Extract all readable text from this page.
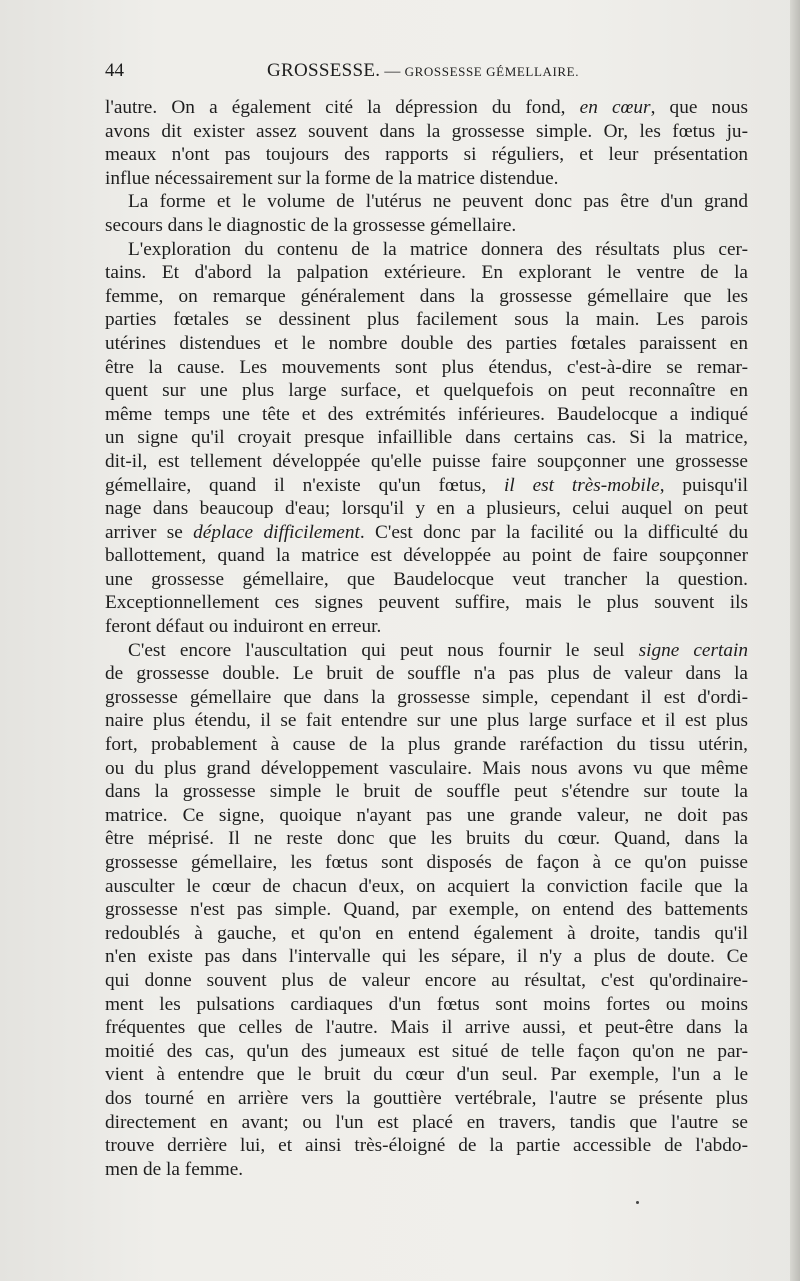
44	GROSSESSE. — GROSSESSE GÉMELLAIRE.
l'autre. On a également cité la dépression du fond, en cœur, que nous
avons dit exister assez souvent dans la grossesse simple. Or, les fœtus ju-
meaux n'ont pas toujours des rapports si réguliers, et leur présentation
influe nécessairement sur la forme de la matrice distendue.
La forme et le volume de l'utérus ne peuvent donc pas être d'un grand
secours dans le diagnostic de la grossesse gémellaire.
L'exploration du contenu de la matrice donnera des résultats plus cer-
tains. Et d'abord la palpation extérieure. En explorant le ventre de la
femme, on remarque généralement dans la grossesse gémellaire que les
parties fœtales se dessinent plus facilement sous la main. Les parois
utérines distendues et le nombre double des parties fœtales paraissent en
être la cause. Les mouvements sont plus étendus, c'est-à-dire se remar-
quent sur une plus large surface, et quelquefois on peut reconnaître en
même temps une tête et des extrémités inférieures. Baudelocque a indiqué
un signe qu'il croyait presque infaillible dans certains cas. Si la matrice,
dit-il, est tellement développée qu'elle puisse faire soupçonner une grossesse
gémellaire, quand il n'existe qu'un fœtus, il est très-mobile, puisqu'il
nage dans beaucoup d'eau; lorsqu'il y en a plusieurs, celui auquel on peut
arriver se déplace difficilement. C'est donc par la facilité ou la difficulté du
ballottement, quand la matrice est développée au point de faire soupçonner
une grossesse gémellaire, que Baudelocque veut trancher la question.
Exceptionnellement ces signes peuvent suffire, mais le plus souvent ils
feront défaut ou induiront en erreur.
C'est encore l'auscultation qui peut nous fournir le seul signe certain
de grossesse double. Le bruit de souffle n'a pas plus de valeur dans la
grossesse gémellaire que dans la grossesse simple, cependant il est d'ordi-
naire plus étendu, il se fait entendre sur une plus large surface et il est plus
fort, probablement à cause de la plus grande raréfaction du tissu utérin,
ou du plus grand développement vasculaire. Mais nous avons vu que même
dans la grossesse simple le bruit de souffle peut s'étendre sur toute la
matrice. Ce signe, quoique n'ayant pas une grande valeur, ne doit pas
être méprisé. Il ne reste donc que les bruits du cœur. Quand, dans la
grossesse gémellaire, les fœtus sont disposés de façon à ce qu'on puisse
ausculter le cœur de chacun d'eux, on acquiert la conviction facile que la
grossesse n'est pas simple. Quand, par exemple, on entend des battements
redoublés à gauche, et qu'on en entend également à droite, tandis qu'il
n'en existe pas dans l'intervalle qui les sépare, il n'y a plus de doute. Ce
qui donne souvent plus de valeur encore au résultat, c'est qu'ordinaire-
ment les pulsations cardiaques d'un fœtus sont moins fortes ou moins
fréquentes que celles de l'autre. Mais il arrive aussi, et peut-être dans la
moitié des cas, qu'un des jumeaux est situé de telle façon qu'on ne par-
vient à entendre que le bruit du cœur d'un seul. Par exemple, l'un a le
dos tourné en arrière vers la gouttière vertébrale, l'autre se présente plus
directement en avant; ou l'un est placé en travers, tandis que l'autre se
trouve derrière lui, et ainsi très-éloigné de la partie accessible de l'abdo-
men de la femme.
